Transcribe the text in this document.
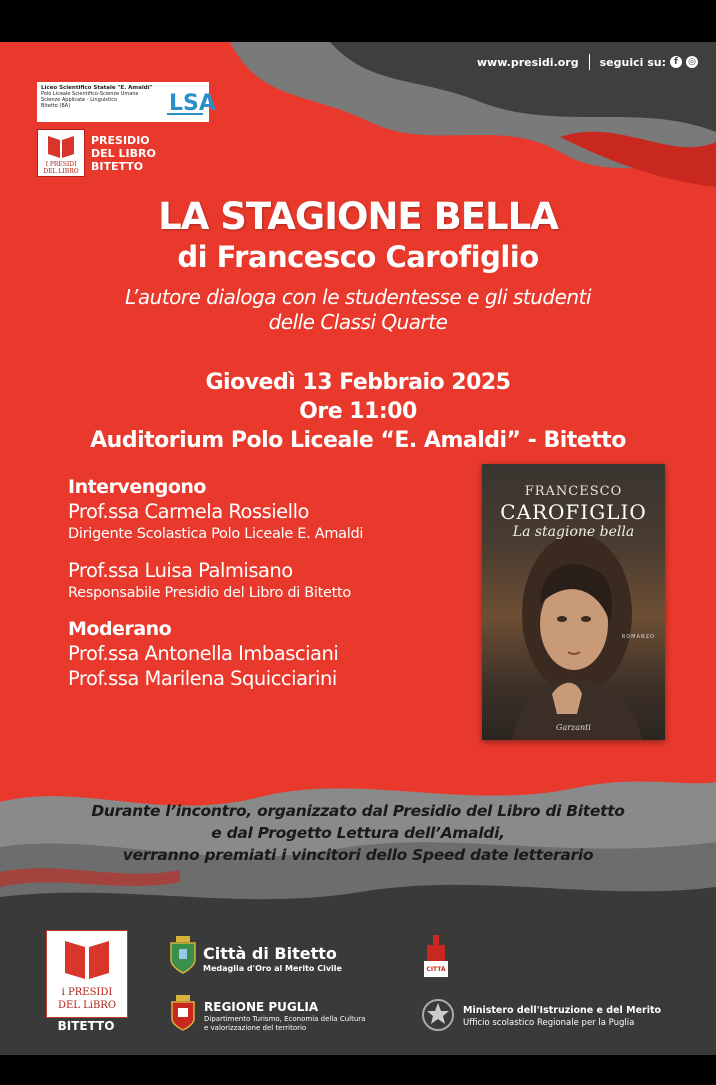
www.presidi.org seguici su: f	◎
Liceo Scientifico Statale "E. Amaldi"
Polo Liceale Scientifico-Scienze Umane
Scienze Applicate - Linguistico
Bitetto (BA)	LSA
I PRESIDI
DEL LIBRO
PRESIDIO
DEL LIBRO
BITETTO
LA STAGIONE BELLA
di Francesco Carofiglio
L’autore dialoga con le studentesse e gli studenti
delle Classi Quarte
Giovedì 13 Febbraio 2025
Ore 11:00
Auditorium Polo Liceale “E. Amaldi” - Bitetto
Intervengono
Prof.ssa Carmela Rossiello
Dirigente Scolastica Polo Liceale E. Amaldi
Prof.ssa Luisa Palmisano
Responsabile Presidio del Libro di Bitetto
Moderano
Prof.ssa Antonella Imbasciani
Prof.ssa Marilena Squicciarini
FRANCESCO
CAROFIGLIO
La stagione bella
ROMANZO
Garzanti
Durante l’incontro, organizzato dal Presidio del Libro di Bitetto
e dal Progetto Lettura dell’Amaldi,
verranno premiati i vincitori dello Speed date letterario
i PRESIDI
DEL LiBRO
BITETTO
Città di Bitetto
Medaglia d'Oro al Merito Civile
REGIONE PUGLIA
Dipartimento Turismo, Economia della Cultura
e valorizzazione del territorio
CITTÀ
Ministero dell'Istruzione e del Merito
Ufficio scolastico Regionale per la Puglia
